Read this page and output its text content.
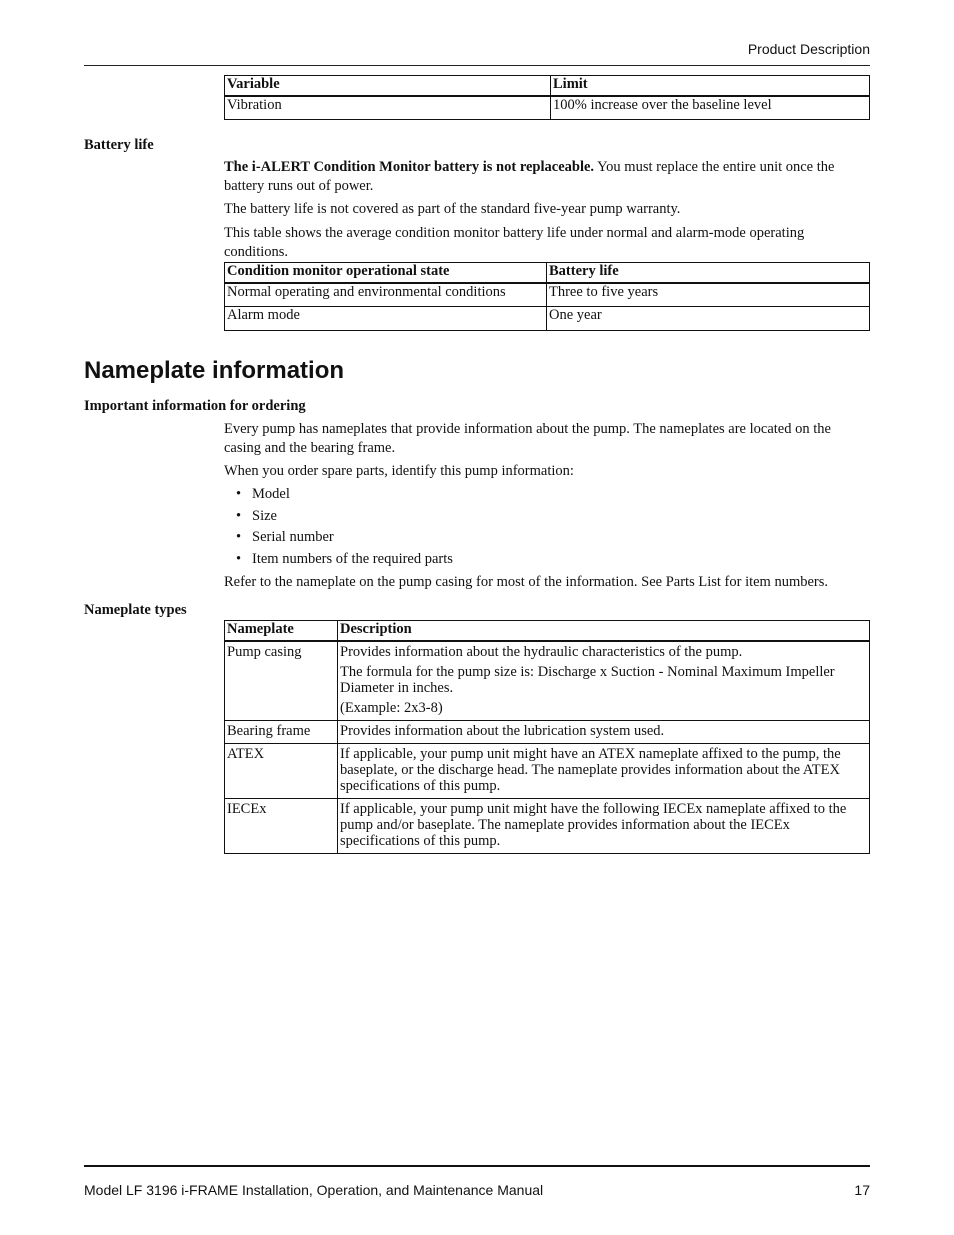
Product Description
Variable	Limit
Vibration	100% increase over the baseline level
Battery life

The i-ALERT Condition Monitor battery is not replaceable. You must replace the entire unit once the battery runs out of power.

The battery life is not covered as part of the standard five-year pump warranty.

This table shows the average condition monitor battery life under normal and alarm-mode operating conditions.

Condition monitor operational state	Battery life
Normal operating and environmental conditions	Three to five years
Alarm mode	One year
Nameplate information
Important information for ordering

Every pump has nameplates that provide information about the pump. The nameplates are located on the casing and the bearing frame.

When you order spare parts, identify this pump information:

• Model
• Size
• Serial number
• Item numbers of the required parts

Refer to the nameplate on the pump casing for most of the information. See Parts List for item numbers.

Nameplate types
Nameplate	Description
Pump casing	Provides information about the hydraulic characteristics of the pump.

The formula for the pump size is: Discharge x Suction - Nominal Maximum Impeller Diameter in inches.

(Example: 2x3-8)

Bearing frame	Provides information about the lubrication system used.

ATEX	If applicable, your pump unit might have an ATEX nameplate affixed to the pump, the baseplate, or the discharge head. The nameplate provides information about the ATEX specifications of this pump.

IECEx	If applicable, your pump unit might have the following IECEx nameplate affixed to the pump and/or baseplate. The nameplate provides information about the IECEx specifications of this pump.

Model LF 3196 i-FRAME Installation, Operation, and Maintenance Manual	17
